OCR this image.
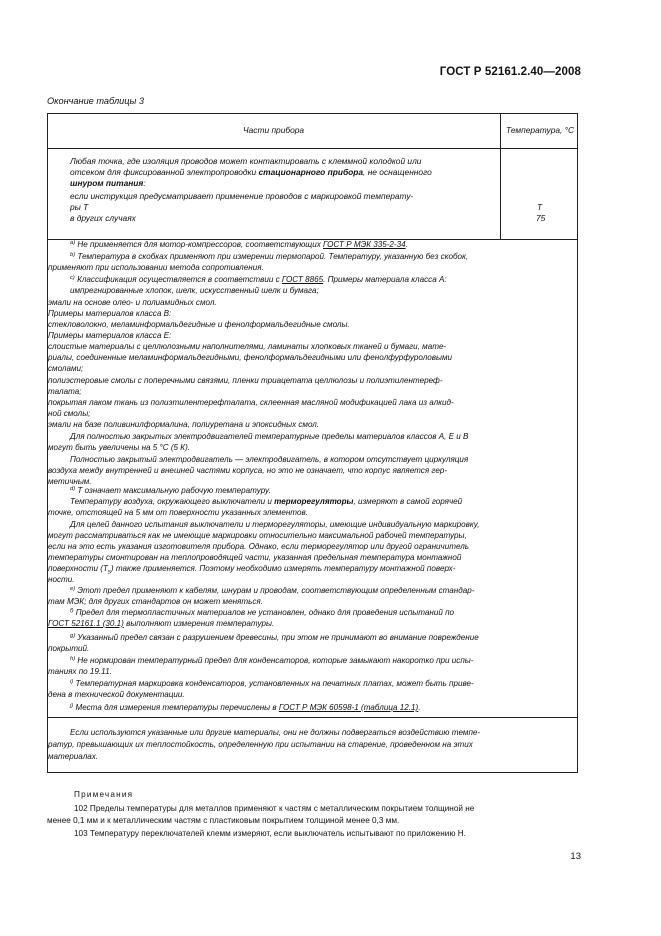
ГОСТ Р 52161.2.40—2008
Окончание таблицы 3
Части прибора	Температура, °С
Любая точка, где изоляция проводов может контактировать с клеммной колодкой или
отсеком для фиксированной электропроводки стационарного прибора, не оснащенного
шнуром питания:
если инструкция предусматривает применение проводов с маркировкой температу-
ры T	T
в других случаях	75
$^{а)}$ Не применяется для мотор-компрессоров, соответствующих ГОСТ Р МЭК 335-2-34.
$^{b)}$ Температура в скобках применяют при измерении термопарой. Температуру, указанную без скобок,
применяют при использовании метода сопротивления.
$^{c)}$ Классификация осуществляется в соответствии с ГОСТ 8865. Примеры материала класса А:
импрегнированные хлопок, шелк, искусственный шелк и бумага;
эмали на основе олео- и полиамидных смол.
Примеры материалов класса В:
стекловолокно, меламинформальдегидные и фенолформальдегидные смолы.
Примеры материалов класса Е:
слоистые материалы с целлюлозными наполнителями, ламинаты хлопковых тканей и бумаги, мате-
риалы, соединенные меламинформальдегидными, фенолформальдегидными или фенолфурфуроловыми
смолами;
полиэстеровые смолы с поперечными связями, пленки триацетата целлюлозы и полиэтилентереф-
талата;
покрытая лаком ткань из полиэтилентерефталата, склеенная масляной модификацией лака из алкид-
ной смолы;
эмали на базе поливинилформалина, полиуретана и эпоксидных смол.
Для полностью закрытых электродвигателей температурные пределы материалов классов А, Е и В
могут быть увеличены на 5 °С (5 К).
Полностью закрытый электродвигатель — электродвигатель, в котором отсутствует циркуляция
воздуха между внутренней и внешней частями корпуса, но это не означает, что корпус является гер-
метичным.
$^{d)}$ Т означает максимальную рабочую температуру.
Температуру воздуха, окружающего выключатели и терморегуляторы, измеряют в самой горячей
точке, отстоящей на 5 мм от поверхности указанных элементов.
Для целей данного испытания выключатели и терморегуляторы, имеющие индивидуальную маркировку,
могут рассматриваться как не имеющие маркировки относительно максимальной рабочей температуры,
если на это есть указания изготовителя прибора. Однако, если терморегулятор или другой ограничитель
температуры смонтирован на теплопроводящей части, указанная предельная температура монтажной
поверхности $(T_s)$ также применяется. Поэтому необходимо измерять температуру монтажной поверх-
ности.
$^{e)}$ Этот предел применяют к кабелям, шнурам и проводам, соответствующим определенным стандар-
там МЭК; для других стандартов он может меняться.
$^{f)}$ Предел для термопластичных материалов не установлен, однако для проведения испытаний по
ГОСТ 52161.1 (30.1) выполняют измерения температуры.
$^{g)}$ Указанный предел связан с разрушением древесины, при этом не принимают во внимание повреждение
покрытий.
$^{h)}$ Не нормирован температурный предел для конденсаторов, которые замыкают накоротко при испы-
таниях по 19.11.
$^{i)}$ Температурная маркировка конденсаторов, установленных на печатных платах, может быть приве-
дена в технической документации.
$^{j)}$ Места для измерения температуры перечислены в ГОСТ Р МЭК 60598-1 (таблица 12.1).
Если используются указанные или другие материалы, они не должны подвергаться воздействию темпе-
ратур, превышающих их теплостойкость, определенную при испытании на старение, проведенном на этих
материалах.
Примечания
102 Пределы температуры для металлов применяют к частям с металлическим покрытием толщиной не
менее 0,1 мм и к металлическим частям с пластиковым покрытием толщиной менее 0,3 мм.
103 Температуру переключателей клемм измеряют, если выключатель испытывают по приложению Н.
13
